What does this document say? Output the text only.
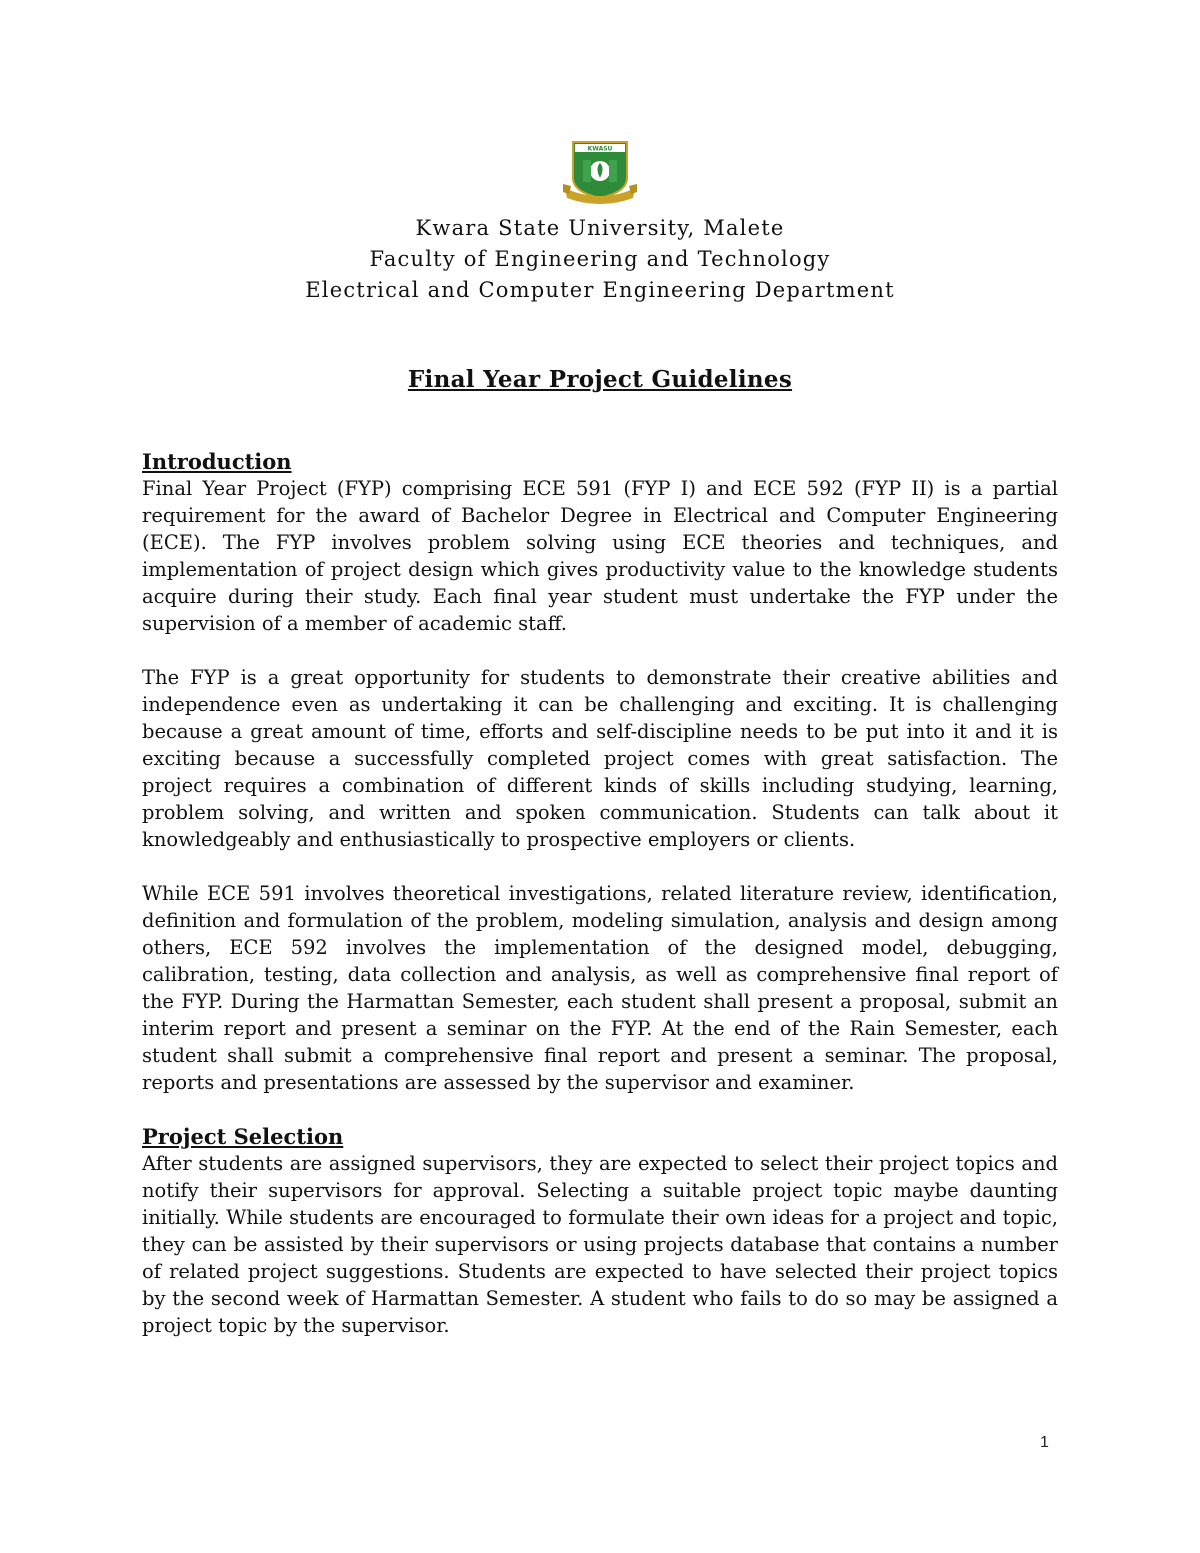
KWASU
Kwara State University, Malete
Faculty of Engineering and Technology
Electrical and Computer Engineering Department
Final Year Project Guidelines
Introduction

Final Year Project (FYP) comprising ECE 591 (FYP I) and ECE 592 (FYP II) is a partial requirement for the award of Bachelor Degree in Electrical and Computer Engineering (ECE). The FYP involves problem solving using ECE theories and techniques, and implementation of project design which gives productivity value to the knowledge students acquire during their study. Each final year student must undertake the FYP under the supervision of a member of academic staff.

The FYP is a great opportunity for students to demonstrate their creative abilities and independence even as undertaking it can be challenging and exciting. It is challenging because a great amount of time, efforts and self-discipline needs to be put into it and it is exciting because a successfully completed project comes with great satisfaction. The project requires a combination of different kinds of skills including studying, learning, problem solving, and written and spoken communication. Students can talk about it knowledgeably and enthusiastically to prospective employers or clients.

While ECE 591 involves theoretical investigations, related literature review, identification, definition and formulation of the problem, modeling simulation, analysis and design among others, ECE 592 involves the implementation of the designed model, debugging, calibration, testing, data collection and analysis, as well as comprehensive final report of the FYP. During the Harmattan Semester, each student shall present a proposal, submit an interim report and present a seminar on the FYP. At the end of the Rain Semester, each student shall submit a comprehensive final report and present a seminar. The proposal, reports and presentations are assessed by the supervisor and examiner.

Project Selection

After students are assigned supervisors, they are expected to select their project topics and notify their supervisors for approval. Selecting a suitable project topic maybe daunting initially. While students are encouraged to formulate their own ideas for a project and topic, they can be assisted by their supervisors or using projects database that contains a number of related project suggestions. Students are expected to have selected their project topics by the second week of Harmattan Semester. A student who fails to do so may be assigned a project topic by the supervisor.

1
